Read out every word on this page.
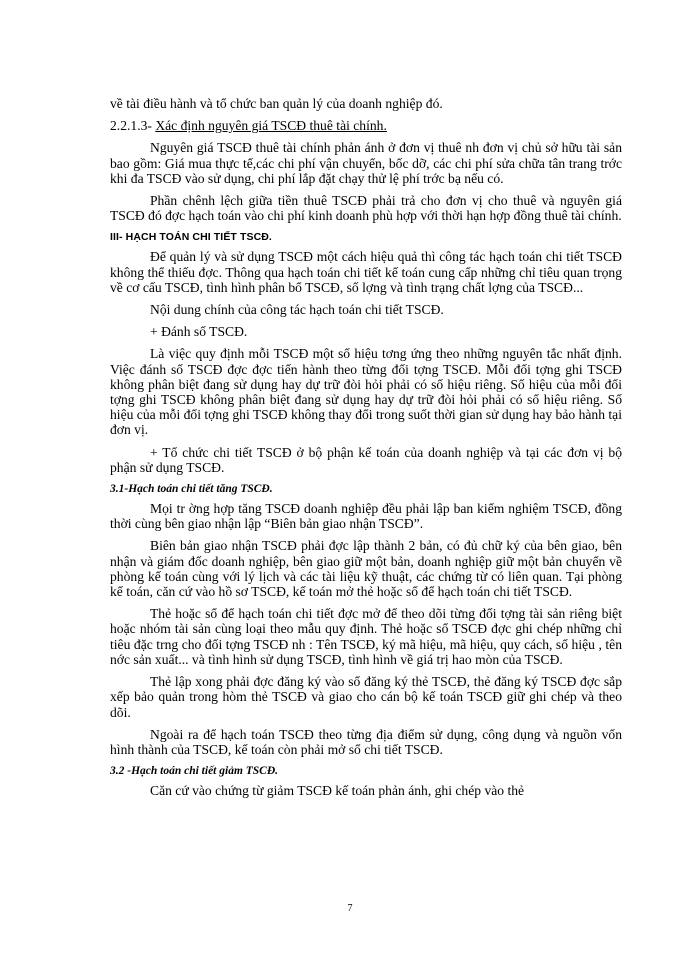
về tài điều hành và tổ chức ban quản lý của doanh nghiệp đó.

2.2.1.3- Xác định nguyên giá TSCĐ thuê tài chính.

Nguyên giá TSCĐ thuê tài chính phản ánh ở đơn vị thuê nh đơn vị chủ sở hữu tài sản bao gồm: Giá mua thực tế,các chi phí vận chuyển, bốc dỡ, các chi phí sửa chữa tân trang trớc khi đa TSCĐ vào sử dụng, chi phí lắp đặt chạy thử lệ phí trớc bạ nếu có.

Phần chênh lệch giữa tiền thuê TSCĐ phải trả cho đơn vị cho thuê và nguyên giá TSCĐ đó đợc hạch toán vào chi phí kinh doanh phù hợp với thời hạn hợp đồng thuê tài chính.

III- HẠCH TOÁN CHI TIẾT TSCĐ.

Để quản lý và sử dụng TSCĐ một cách hiệu quả thì công tác hạch toán chi tiết TSCĐ không thể thiếu đợc. Thông qua hạch toán chi tiết kế toán cung cấp những chỉ tiêu quan trọng về cơ cấu TSCĐ, tình hình phân bổ TSCĐ, số lợng và tình trạng chất lợng của TSCĐ...

Nội dung chính của công tác hạch toán chi tiết TSCĐ.

+ Đánh số TSCĐ.

Là việc quy định mỗi TSCĐ một số hiệu tơng ứng theo những nguyên tắc nhất định. Việc đánh số TSCĐ đợc đợc tiến hành theo từng đối tợng TSCĐ. Mỗi đối tợng ghi TSCĐ không phân biệt đang sử dụng hay dự trữ đòi hỏi phải có số hiệu riêng. Số hiệu của mỗi đối tợng ghi TSCĐ không phân biệt đang sử dụng hay dự trữ đòi hỏi phải có số hiệu riêng. Số hiệu của mỗi đối tợng ghi TSCĐ không thay đổi trong suốt thời gian sử dụng hay bảo hành tại đơn vị.

+ Tổ chức chi tiết TSCĐ ở bộ phận kế toán của doanh nghiệp và tại các đơn vị bộ phận sử dụng TSCĐ.

3.1-Hạch toán chi tiết tăng TSCĐ.

Mọi tr ờng hợp tăng TSCĐ doanh nghiệp đều phải lập ban kiểm nghiệm TSCĐ, đồng thời cùng bên giao nhận lập “Biên bản giao nhận TSCĐ”.

Biên bản giao nhận TSCĐ phải đợc lập thành 2 bản, có đủ chữ ký của bên giao, bên nhận và giám đốc doanh nghiệp, bên giao giữ một bản, doanh nghiệp giữ một bản chuyển về phòng kế toán cùng với lý lịch và các tài liệu kỹ thuật, các chứng từ có liên quan. Tại phòng kế toán, căn cứ vào hồ sơ TSCĐ, kế toán mở thẻ hoặc sổ để hạch toán chi tiết TSCĐ.

Thẻ hoặc sổ để hạch toán chi tiết đợc mở để theo dõi từng đối tợng tài sản riêng biệt hoặc nhóm tài sản cùng loại theo mẫu quy định. Thẻ hoặc sổ TSCĐ đợc ghi chép những chỉ tiêu đặc trng cho đối tợng TSCĐ nh : Tên TSCĐ, ký mã hiệu, mã hiệu, quy cách, số hiệu , tên nớc sản xuất... và tình hình sử dụng TSCĐ, tình hình về giá trị hao mòn của TSCĐ.

Thẻ lập xong phải đợc đăng ký vào sổ đăng ký thẻ TSCĐ, thẻ đăng ký TSCĐ đợc sắp xếp bảo quản trong hòm thẻ TSCĐ và giao cho cán bộ kế toán TSCĐ giữ ghi chép và theo dõi.

Ngoài ra để hạch toán TSCĐ theo từng địa điểm sử dụng, công dụng và nguồn vốn hình thành của TSCĐ, kế toán còn phải mở sổ chi tiết TSCĐ.

3.2 -Hạch toán chi tiết giảm TSCĐ.

Căn cứ vào chứng từ giảm TSCĐ kế toán phản ánh, ghi chép vào thẻ

7
